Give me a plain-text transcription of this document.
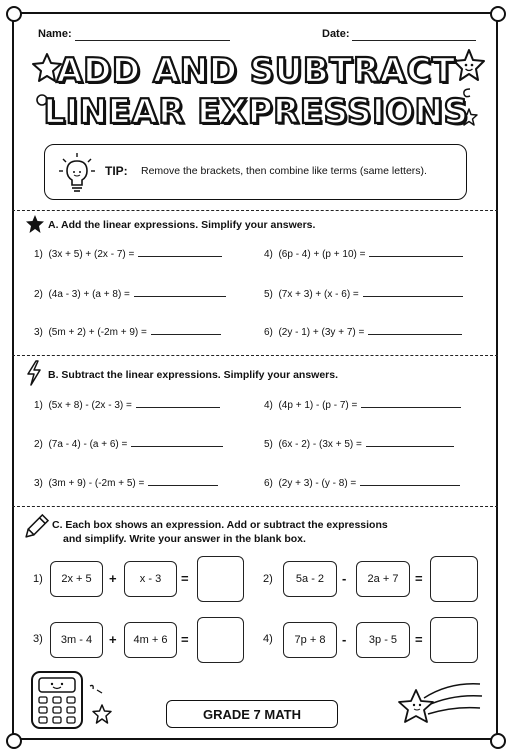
Name:	Date:
ADD AND SUBTRACT
LINEAR EXPRESSIONS
TIP: Remove the brackets, then combine like terms (same letters).
A. Add the linear expressions. Simplify your answers.
1) (3x + 5) + (2x - 7) =	4) (6p - 4) + (p + 10) =
2) (4a - 3) + (a + 8) =	5) (7x + 3) + (x - 6) =
3) (5m + 2) + (-2m + 9) =	6) (2y - 1) + (3y + 7) =
B. Subtract the linear expressions. Simplify your answers.
1) (5x + 8) - (2x - 3) =	4) (4p + 1) - (p - 7) =
2) (7a - 4) - (a + 6) =	5) (6x - 2) - (3x + 5) =
3) (3m + 9) - (-2m + 5) =	6) (2y + 3) - (y - 8) =
C. Each box shows an expression. Add or subtract the expressions
and simplify. Write your answer in the blank box.
1)	2x + 5	+	x - 3	=	2)	5a - 2	-	2a + 7	=
3)	3m - 4	+	4m + 6	=	4)	7p + 8	-	3p - 5	=
GRADE 7 MATH
